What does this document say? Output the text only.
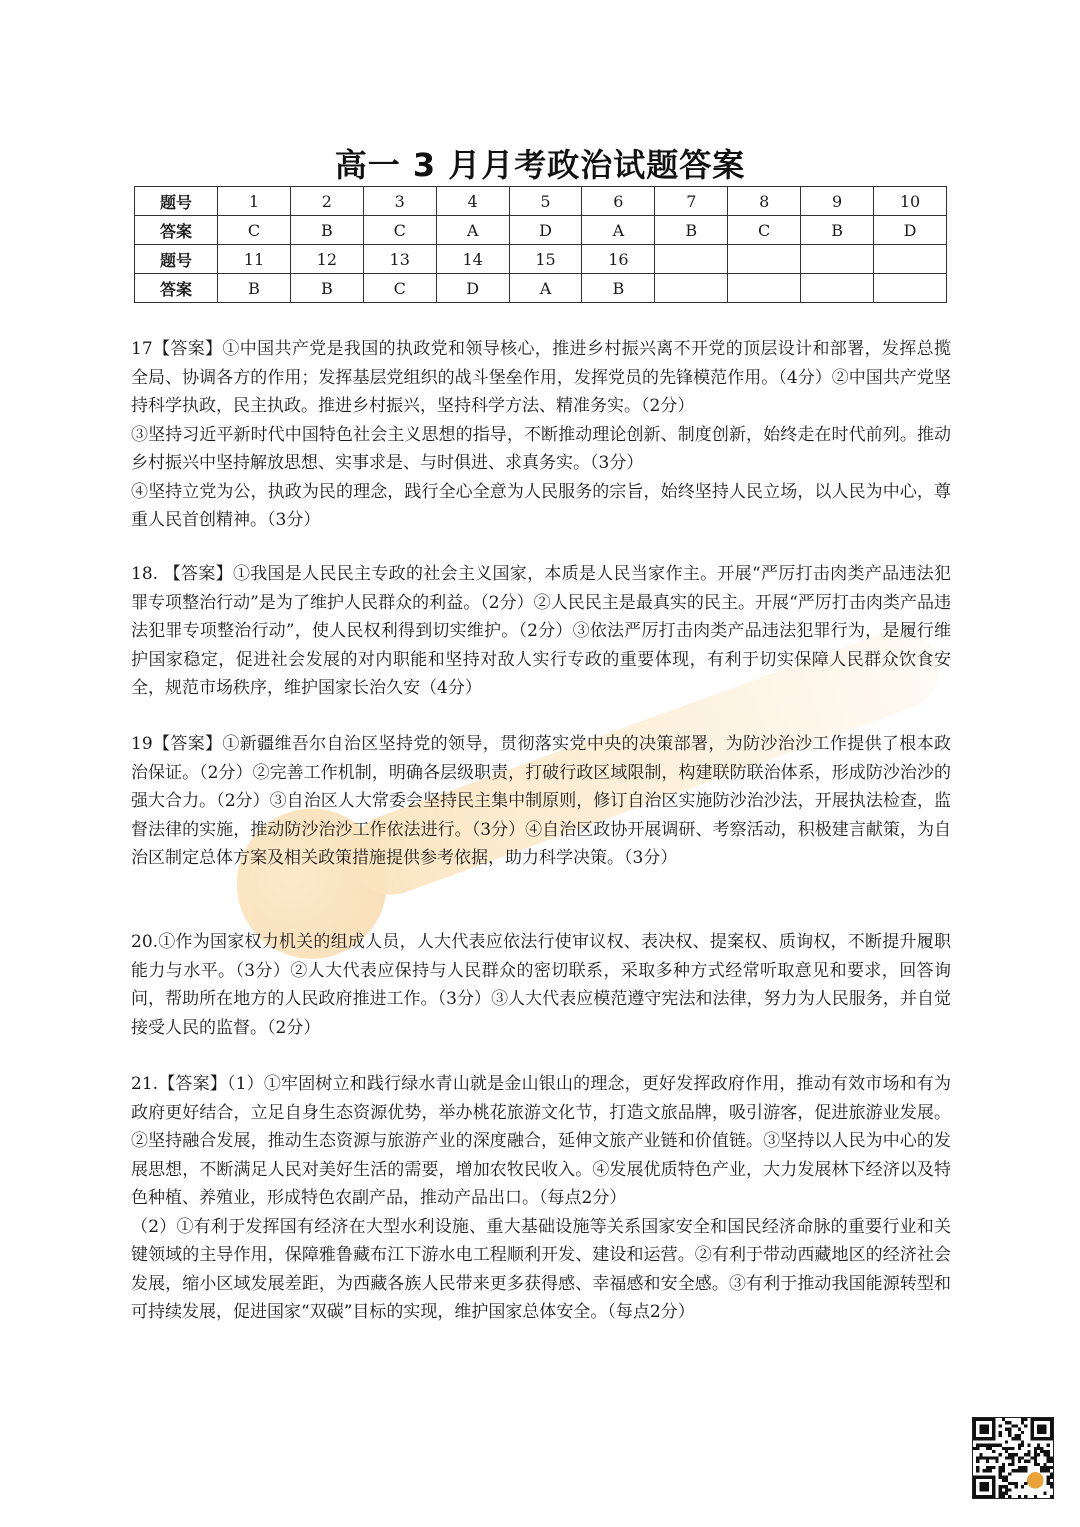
高一 3 月月考政治试题答案
题号	1	2	3	4	5	6	7	8	9	10
答案	C	B	C	A	D	A	B	C	B	D
题号	11	12	13	14	15	16				
答案	B	B	C	D	A	B				

17【答案】①中国共产党是我国的执政党和领导核心，推进乡村振兴离不开党的顶层设计和部署，发挥总揽全局、协调各方的作用；发挥基层党组织的战斗堡垒作用，发挥党员的先锋模范作用。（4分）②中国共产党坚持科学执政，民主执政。推进乡村振兴，坚持科学方法、精准务实。（2分）

③坚持习近平新时代中国特色社会主义思想的指导，不断推动理论创新、制度创新，始终走在时代前列。推动乡村振兴中坚持解放思想、实事求是、与时俱进、求真务实。（3分）

④坚持立党为公，执政为民的理念，践行全心全意为人民服务的宗旨，始终坚持人民立场，以人民为中心，尊重人民首创精神。（3分）

18. 【答案】①我国是人民民主专政的社会主义国家，本质是人民当家作主。开展“严厉打击肉类产品违法犯罪专项整治行动”是为了维护人民群众的利益。（2分）②人民民主是最真实的民主。开展“严厉打击肉类产品违法犯罪专项整治行动”，使人民权利得到切实维护。（2分）③依法严厉打击肉类产品违法犯罪行为，是履行维护国家稳定，促进社会发展的对内职能和坚持对敌人实行专政的重要体现，有利于切实保障人民群众饮食安全，规范市场秩序，维护国家长治久安（4分）

19【答案】①新疆维吾尔自治区坚持党的领导，贯彻落实党中央的决策部署，为防沙治沙工作提供了根本政治保证。（2分）②完善工作机制，明确各层级职责，打破行政区域限制，构建联防联治体系，形成防沙治沙的强大合力。（2分）③自治区人大常委会坚持民主集中制原则，修订自治区实施防沙治沙法，开展执法检查，监督法律的实施，推动防沙治沙工作依法进行。（3分）④自治区政协开展调研、考察活动，积极建言献策，为自治区制定总体方案及相关政策措施提供参考依据，助力科学决策。（3分）

20.①作为国家权力机关的组成人员，人大代表应依法行使审议权、表决权、提案权、质询权，不断提升履职能力与水平。（3分）②人大代表应保持与人民群众的密切联系，采取多种方式经常听取意见和要求，回答询问，帮助所在地方的人民政府推进工作。（3分）③人大代表应模范遵守宪法和法律，努力为人民服务，并自觉接受人民的监督。（2分）

21.【答案】（1）①牢固树立和践行绿水青山就是金山银山的理念，更好发挥政府作用，推动有效市场和有为政府更好结合，立足自身生态资源优势，举办桃花旅游文化节，打造文旅品牌，吸引游客，促进旅游业发展。②坚持融合发展，推动生态资源与旅游产业的深度融合，延伸文旅产业链和价值链。③坚持以人民为中心的发展思想，不断满足人民对美好生活的需要，增加农牧民收入。④发展优质特色产业，大力发展林下经济以及特色种植、养殖业，形成特色农副产品，推动产品出口。（每点2分）

（2）①有利于发挥国有经济在大型水利设施、重大基础设施等关系国家安全和国民经济命脉的重要行业和关键领域的主导作用，保障雅鲁藏布江下游水电工程顺利开发、建设和运营。②有利于带动西藏地区的经济社会发展，缩小区域发展差距，为西藏各族人民带来更多获得感、幸福感和安全感。③有利于推动我国能源转型和可持续发展，促进国家“双碳”目标的实现，维护国家总体安全。（每点2分）
